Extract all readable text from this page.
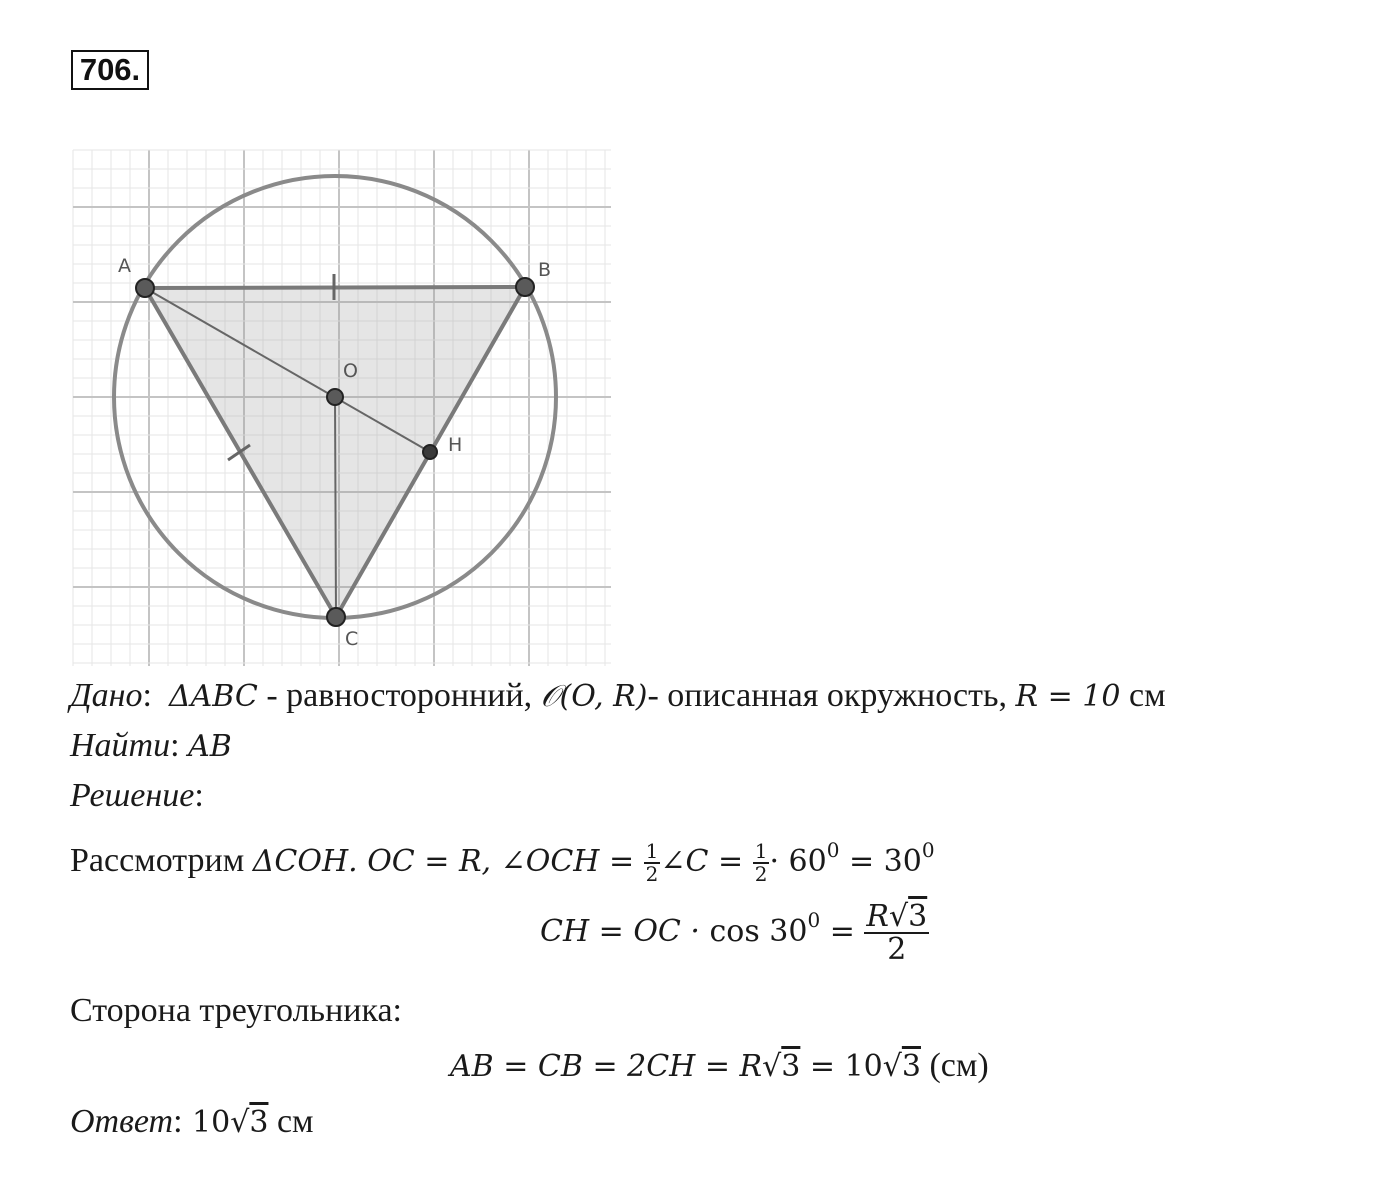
706.
A	B
C
O
H
Дано: ΔABC - равносторонний, 𝒪(O, R)- описанная окружность, R = 10 см
Найти: AB
Решение:
Рассмотрим ΔCOH. OC = R, ∠OCH = $\frac{1}{2}$ ∠C = $\frac{1}{2} \cdot 60^0 = 30^0$
CH = OC · $\cos 30^0 = \frac{R√3}{2}$
Сторона треугольника:
AB = CB = 2CH = R√3 = 10√3 (см)
Ответ: 10√3 см
